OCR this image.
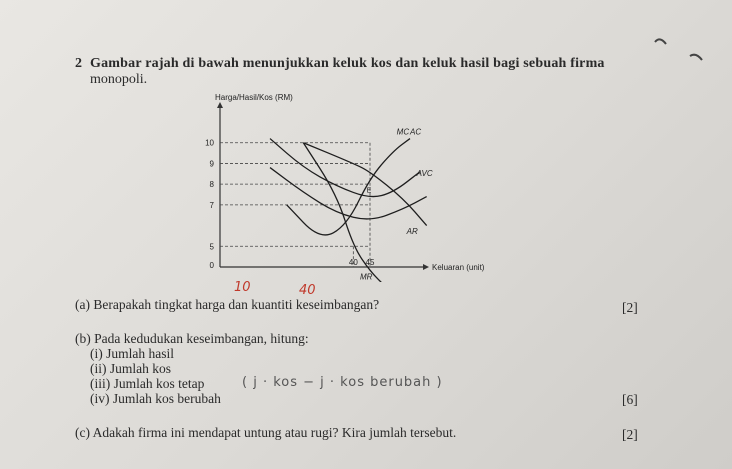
2 Gambar rajah di bawah menunjukkan keluk kos dan keluk hasil bagi sebuah firma
monopoli.
Harga/Hasil/Kos (RM)
Keluaran (unit)
0
10
9
8
7
5
40 45
MC AC
AVC
AR
MR
E
10	40
(a) Berapakah tingkat harga dan kuantiti keseimbangan?	[2]
(b) Pada kedudukan keseimbangan, hitung:
(i) Jumlah hasil
(ii) Jumlah kos
(iii) Jumlah kos tetap	( j · kos − j · kos berubah )
(iv) Jumlah kos berubah	[6]
(c) Adakah firma ini mendapat untung atau rugi? Kira jumlah tersebut.	[2]
